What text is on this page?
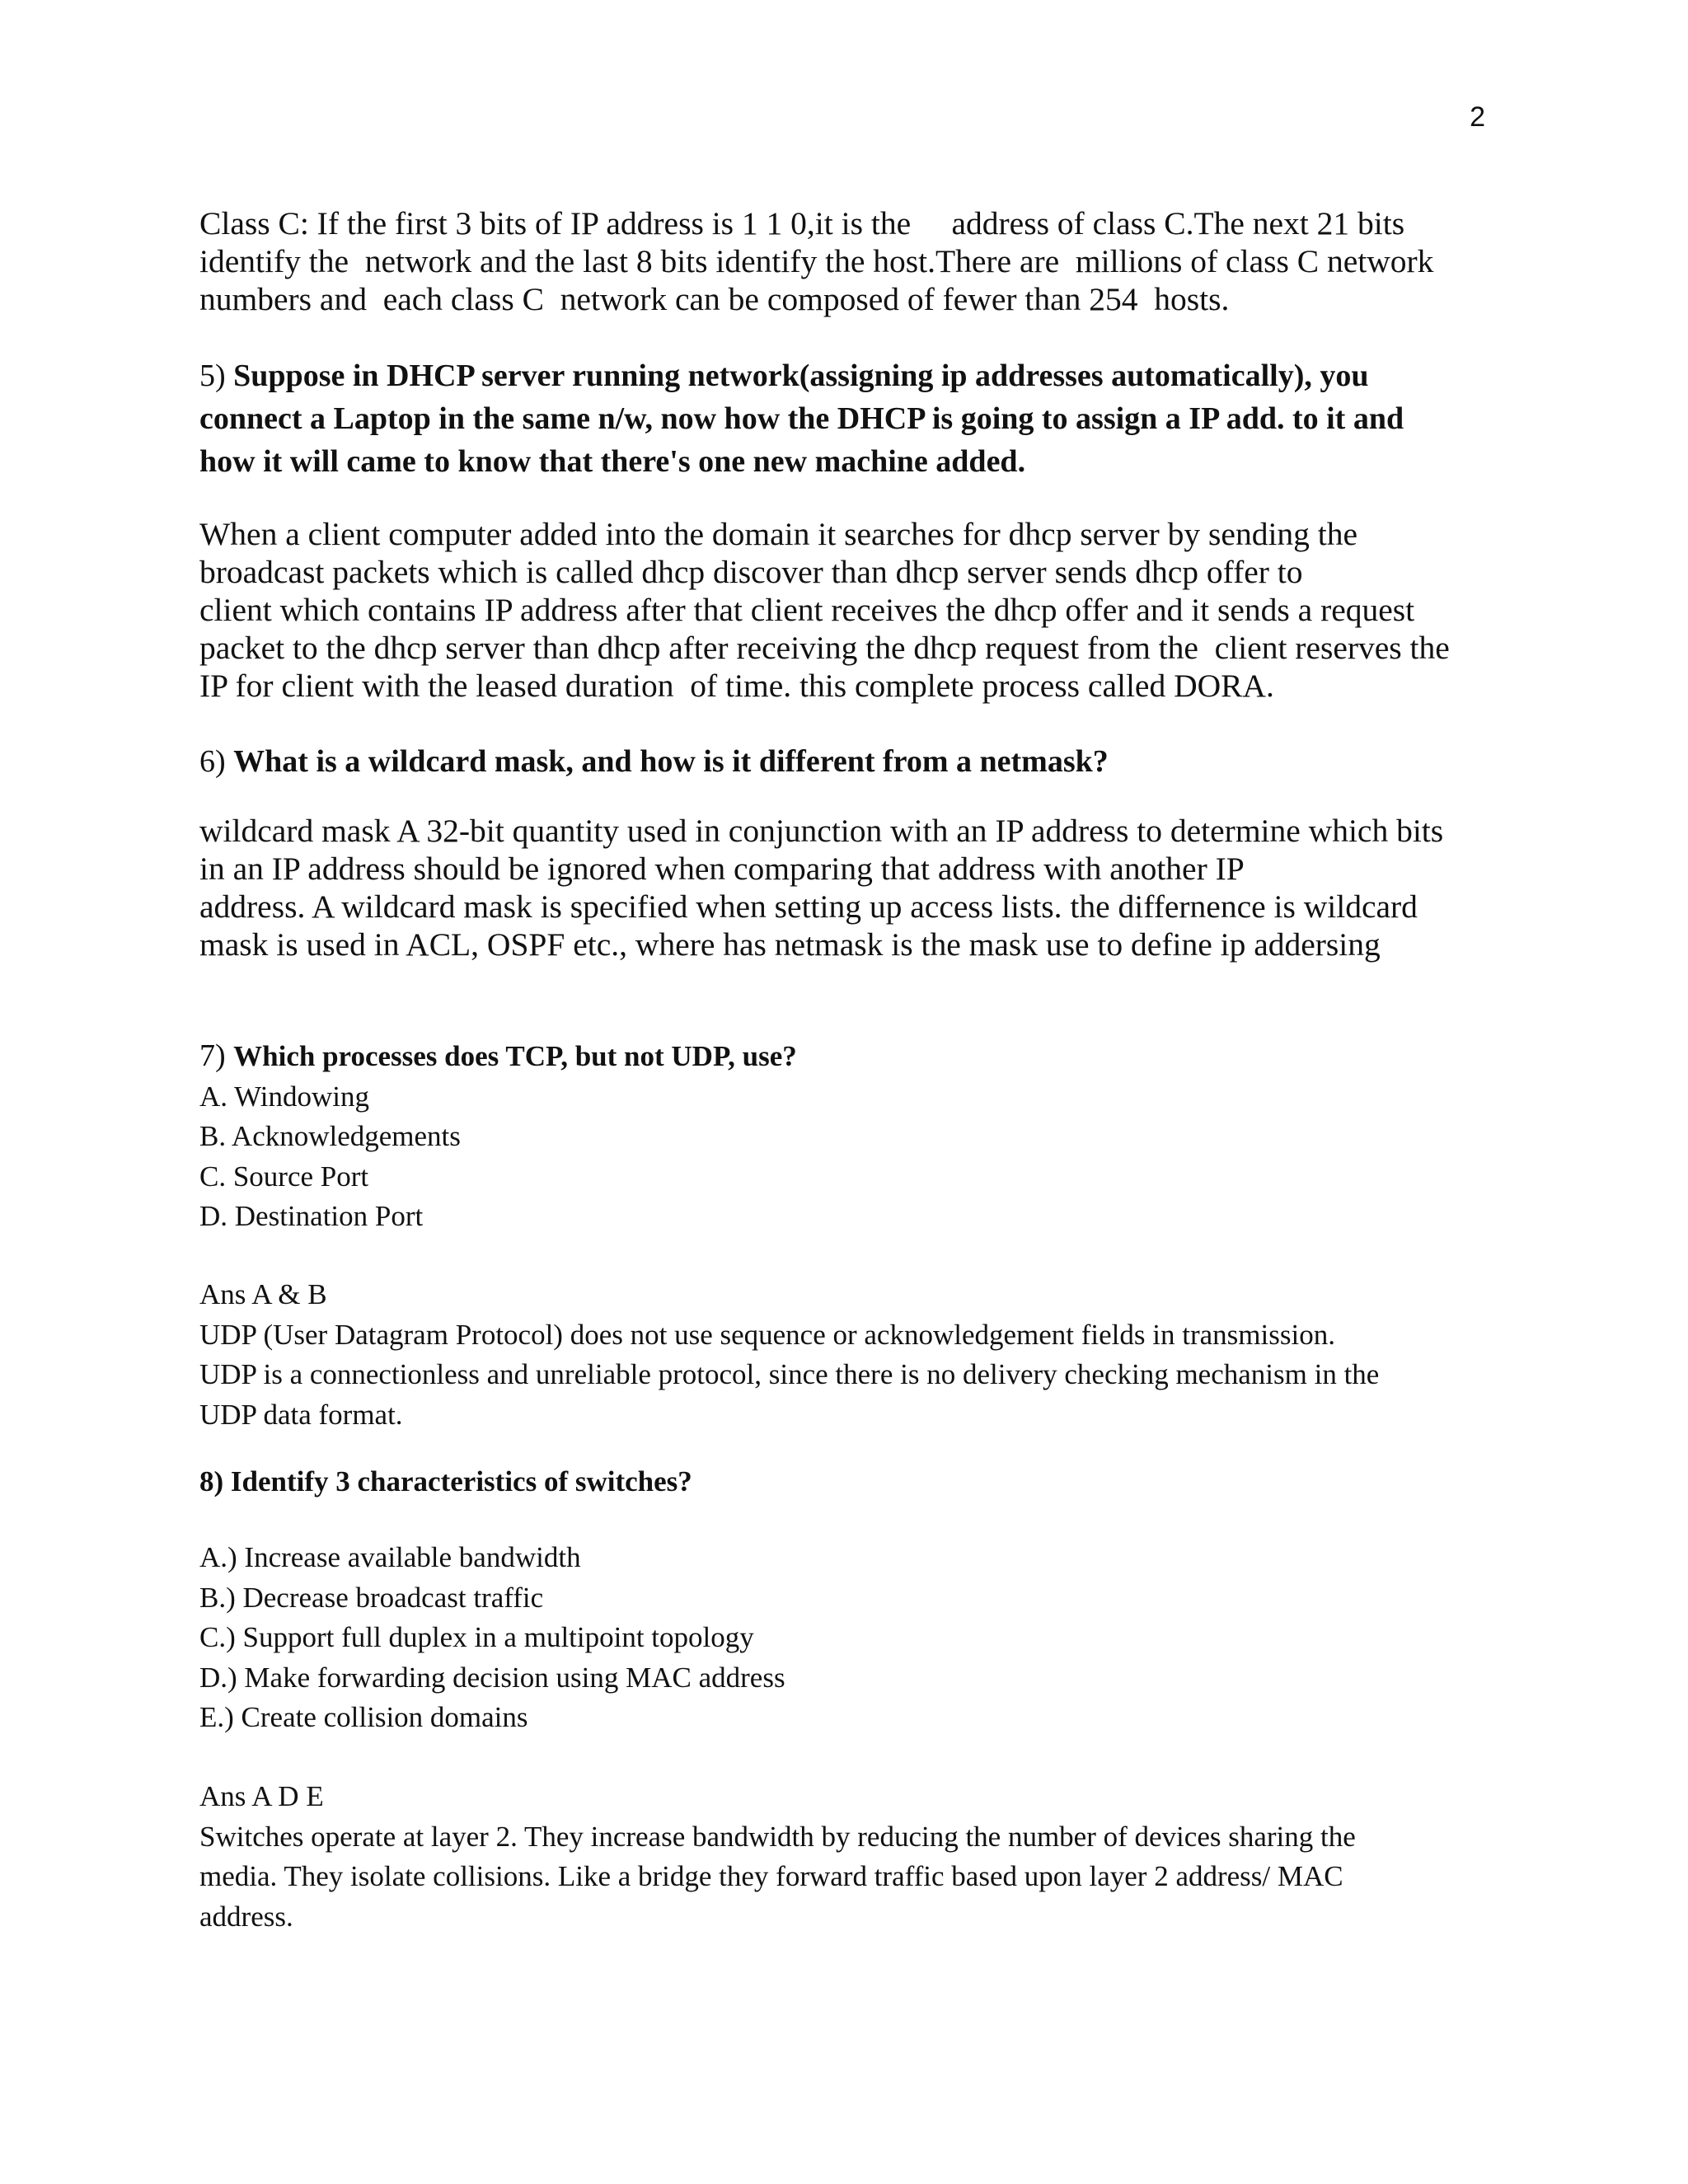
2

Class C: If the first 3 bits of IP address is 1 1 0,it is the     address of class C.The next 21 bits
identify the  network and the last 8 bits identify the host.There are  millions of class C network
numbers and  each class C  network can be composed of fewer than 254  hosts.

5) Suppose in DHCP server running network(assigning ip addresses automatically), you
connect a Laptop in the same n/w, now how the DHCP is going to assign a IP add. to it and
how it will came to know that there's one new machine added.

When a client computer added into the domain it searches for dhcp server by sending the
broadcast packets which is called dhcp discover than dhcp server sends dhcp offer to
client which contains IP address after that client receives the dhcp offer and it sends a request
packet to the dhcp server than dhcp after receiving the dhcp request from the  client reserves the
IP for client with the leased duration  of time. this complete process called DORA.

6) What is a wildcard mask, and how is it different from a netmask?

wildcard mask A 32-bit quantity used in conjunction with an IP address to determine which bits
in an IP address should be ignored when comparing that address with another IP
address. A wildcard mask is specified when setting up access lists. the differnence is wildcard
mask is used in ACL, OSPF etc., where has netmask is the mask use to define ip addersing

7) Which processes does TCP, but not UDP, use?
A. Windowing
B. Acknowledgements
C. Source Port
D. Destination Port

Ans A & B
UDP (User Datagram Protocol) does not use sequence or acknowledgement fields in transmission.
UDP is a connectionless and unreliable protocol, since there is no delivery checking mechanism in the
UDP data format.

8) Identify 3 characteristics of switches?

A.) Increase available bandwidth
B.) Decrease broadcast traffic
C.) Support full duplex in a multipoint topology
D.) Make forwarding decision using MAC address
E.) Create collision domains

Ans A D E
Switches operate at layer 2. They increase bandwidth by reducing the number of devices sharing the
media. They isolate collisions. Like a bridge they forward traffic based upon layer 2 address/ MAC
address.
